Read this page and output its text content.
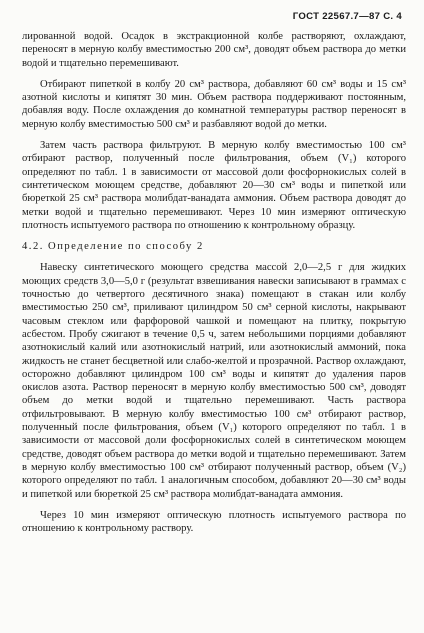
ГОСТ 22567.7—87 С. 4

лированной водой. Осадок в экстракционной колбе растворяют, охлаждают, переносят в мерную колбу вместимостью 200 см³, доводят объем раствора до метки водой и тщательно перемешивают.

Отбирают пипеткой в колбу 20 см³ раствора, добавляют 60 см³ воды и 15 см³ азотной кислоты и кипятят 30 мин. Объем раствора поддерживают постоянным, добавляя воду. После охлаждения до комнатной температуры раствор переносят в мерную колбу вместимостью 500 см³ и разбавляют водой до метки.

Затем часть раствора фильтруют. В мерную колбу вместимостью 100 см³ отбирают раствор, полученный после фильтрования, объем (V₁) которого определяют по табл. 1 в зависимости от массовой доли фосфорнокислых солей в синтетическом моющем средстве, добавляют 20—30 см³ воды и пипеткой или бюреткой 25 см³ раствора молибдат-ванадата аммония. Объем раствора доводят до метки водой и тщательно перемешивают. Через 10 мин измеряют оптическую плотность испытуемого раствора по отношению к контрольному образцу.

4.2. Определение по способу 2

Навеску синтетического моющего средства массой 2,0—2,5 г для жидких моющих средств 3,0—5,0 г (результат взвешивания навески записывают в граммах с точностью до четвертого десятичного знака) помещают в стакан или колбу вместимостью 250 см³, приливают цилиндром 50 см³ серной кислоты, накрывают часовым стеклом или фарфоровой чашкой и помещают на плитку, покрытую асбестом. Пробу сжигают в течение 0,5 ч, затем небольшими порциями добавляют азотнокислый калий или азотнокислый натрий, или азотнокислый аммоний, пока жидкость не станет бесцветной или слабо-желтой и прозрачной. Раствор охлаждают, осторожно добавляют цилиндром 100 см³ воды и кипятят до удаления паров окислов азота. Раствор переносят в мерную колбу вместимостью 500 см³, доводят объем до метки водой и тщательно перемешивают. Часть раствора отфильтровывают. В мерную колбу вместимостью 100 см³ отбирают раствор, полученный после фильтрования, объем (V₁) которого определяют по табл. 1 в зависимости от массовой доли фосфорнокислых солей в синтетическом моющем средстве, доводят объем раствора до метки водой и тщательно перемешивают. Затем в мерную колбу вместимостью 100 см³ отбирают полученный раствор, объем (V₂) которого определяют по табл. 1 аналогичным способом, добавляют 20—30 см³ воды и пипеткой или бюреткой 25 см³ раствора молибдат-ванадата аммония.

Через 10 мин измеряют оптическую плотность испытуемого раствора по отношению к контрольному раствору.
